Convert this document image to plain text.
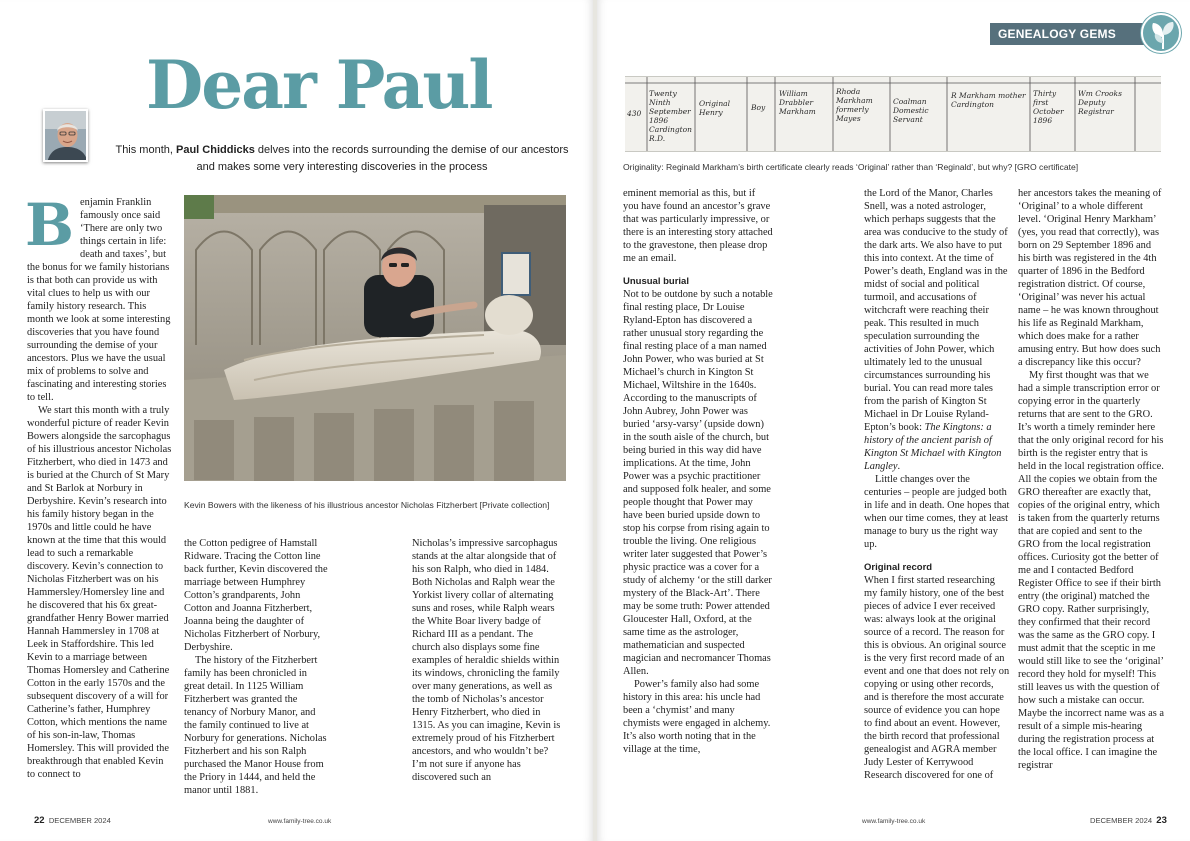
Dear Paul

This month, Paul Chiddicks delves into the records surrounding the demise of our ancestors and makes some very interesting discoveries in the process

B enjamin Franklin famously once said ‘There are only two things certain in life: death and taxes’, but the bonus for we family historians is that both can provide us with vital clues to help us with our family history research. This month we look at some interesting discoveries that you have found surrounding the demise of your ancestors. Plus we have the usual mix of problems to solve and fascinating and interesting stories to tell.

We start this month with a truly wonderful picture of reader Kevin Bowers alongside the sarcophagus of his illustrious ancestor Nicholas Fitzherbert, who died in 1473 and is buried at the Church of St Mary and St Barlok at Norbury in Derbyshire. Kevin’s research into his family history began in the 1970s and little could he have known at the time that this would lead to such a remarkable discovery. Kevin’s connection to Nicholas Fitzherbert was on his Hammersley/Homersley line and he discovered that his 6x great-grandfather Henry Bower married Hannah Hammersley in 1708 at Leek in Staffordshire. This led Kevin to a marriage between Thomas Homersley and Catherine Cotton in the early 1570s and the subsequent discovery of a will for Catherine’s father, Humphrey Cotton, which mentions the name of his son-in-law, Thomas Homersley. This will provided the breakthrough that enabled Kevin to connect to

Kevin Bowers with the likeness of his illustrious ancestor Nicholas Fitzherbert [Private collection]

the Cotton pedigree of Hamstall Ridware. Tracing the Cotton line back further, Kevin discovered the marriage between Humphrey Cotton’s grandparents, John Cotton and Joanna Fitzherbert, Joanna being the daughter of Nicholas Fitzherbert of Norbury, Derbyshire.

The history of the Fitzherbert family has been chronicled in great detail. In 1125 William Fitzherbert was granted the tenancy of Norbury Manor, and the family continued to live at Norbury for generations. Nicholas Fitzherbert and his son Ralph purchased the Manor House from the Priory in 1444, and held the manor until 1881.

Nicholas’s impressive sarcophagus stands at the altar alongside that of his son Ralph, who died in 1484. Both Nicholas and Ralph wear the Yorkist livery collar of alternating suns and roses, while Ralph wears the White Boar livery badge of Richard III as a pendant. The church also displays some fine examples of heraldic shields within its windows, chronicling the family over many generations, as well as the tomb of Nicholas’s ancestor Henry Fitzherbert, who died in 1315. As you can imagine, Kevin is extremely proud of his Fitzherbert ancestors, and who wouldn’t be? I’m not sure if anyone has discovered such an

22 DECEMBER 2024	www.family-tree.co.uk
GENEALOGY GEMS
430
Twenty Ninth September 1896 Cardington R.D.
Original Henry
Boy
William Drabbler Markham
Rhoda Markham formerly Mayes
Coalman Domestic Servant
R Markham mother Cardington
Thirty first October 1896
Wm Crooks Deputy Registrar

Originality: Reginald Markham’s birth certificate clearly reads ‘Original’ rather than ‘Reginald’, but why? [GRO certificate]

eminent memorial as this, but if you have found an ancestor’s grave that was particularly impressive, or there is an interesting story attached to the gravestone, then please drop me an email.

Unusual burial

Not to be outdone by such a notable final resting place, Dr Louise Ryland-Epton has discovered a rather unusual story regarding the final resting place of a man named John Power, who was buried at St Michael’s church in Kington St Michael, Wiltshire in the 1640s. According to the manuscripts of John Aubrey, John Power was buried ‘arsy-varsy’ (upside down) in the south aisle of the church, but being buried in this way did have implications. At the time, John Power was a psychic practitioner and supposed folk healer, and some people thought that Power may have been buried upside down to stop his corpse from rising again to trouble the living. One religious writer later suggested that Power’s physic practice was a cover for a study of alchemy ‘or the still darker mystery of the Black-Art’. There may be some truth: Power attended Gloucester Hall, Oxford, at the same time as the astrologer, mathematician and suspected magician and necromancer Thomas Allen.

Power’s family also had some history in this area: his uncle had been a ‘chymist’ and many chymists were engaged in alchemy. It’s also worth noting that in the village at the time,

the Lord of the Manor, Charles Snell, was a noted astrologer, which perhaps suggests that the area was conducive to the study of the dark arts. We also have to put this into context. At the time of Power’s death, England was in the midst of social and political turmoil, and accusations of witchcraft were reaching their peak. This resulted in much speculation surrounding the activities of John Power, which ultimately led to the unusual circumstances surrounding his burial. You can read more tales from the parish of Kington St Michael in Dr Louise Ryland-Epton’s book: The Kingtons: a history of the ancient parish of Kington St Michael with Kington Langley.

Little changes over the centuries – people are judged both in life and in death. One hopes that when our time comes, they at least manage to bury us the right way up.

Original record

When I first started researching my family history, one of the best pieces of advice I ever received was: always look at the original source of a record. The reason for this is obvious. An original source is the very first record made of an event and one that does not rely on copying or using other records, and is therefore the most accurate source of evidence you can hope to find about an event. However, the birth record that professional genealogist and AGRA member Judy Lester of Kerrywood Research discovered for one of

her ancestors takes the meaning of ‘Original’ to a whole different level. ‘Original Henry Markham’ (yes, you read that correctly), was born on 29 September 1896 and his birth was registered in the 4th quarter of 1896 in the Bedford registration district. Of course, ‘Original’ was never his actual name – he was known throughout his life as Reginald Markham, which does make for a rather amusing entry. But how does such a discrepancy like this occur?

My first thought was that we had a simple transcription error or copying error in the quarterly returns that are sent to the GRO. It’s worth a timely reminder here that the only original record for his birth is the register entry that is held in the local registration office. All the copies we obtain from the GRO thereafter are exactly that, copies of the original entry, which is taken from the quarterly returns that are copied and sent to the GRO from the local registration offices. Curiosity got the better of me and I contacted Bedford Register Office to see if their birth entry (the original) matched the GRO copy. Rather surprisingly, they confirmed that their record was the same as the GRO copy. I must admit that the sceptic in me would still like to see the ‘original’ record they hold for myself! This still leaves us with the question of how such a mistake can occur. Maybe the incorrect name was as a result of a simple mis-hearing during the registration process at the local office. I can imagine the registrar

www.family-tree.co.uk	DECEMBER 2024 23
